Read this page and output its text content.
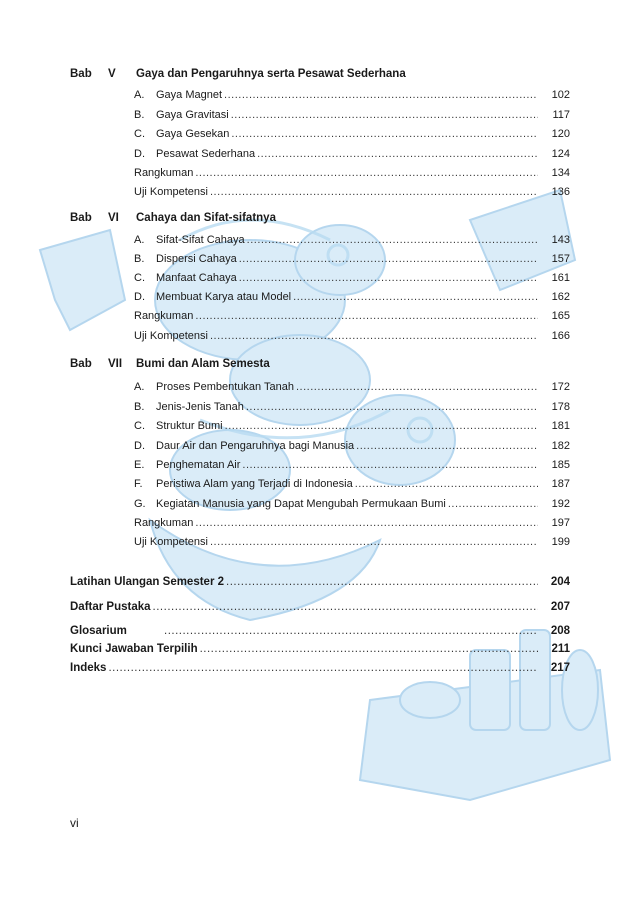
Bab V Gaya dan Pengaruhnya serta Pesawat Sederhana
A. Gaya Magnet .....	102
B. Gaya Gravitasi .....	117
C. Gaya Gesekan .....	120
D. Pesawat Sederhana .....	124
Rangkuman .....	134
Uji Kompetensi .....	136
Bab VI Cahaya dan Sifat-sifatnya
A. Sifat-Sifat Cahaya .....	143
B. Dispersi Cahaya .....	157
C. Manfaat Cahaya .....	161
D. Membuat Karya atau Model .....	162
Rangkuman .....	165
Uji Kompetensi .....	166
Bab VII Bumi dan Alam Semesta
A. Proses Pembentukan Tanah .....	172
B. Jenis-Jenis Tanah .....	178
C. Struktur Bumi .....	181
D. Daur Air dan Pengaruhnya bagi Manusia .....	182
E. Penghematan Air .....	185
F. Peristiwa Alam yang Terjadi di Indonesia .....	187
G. Kegiatan Manusia yang Dapat Mengubah Permukaan Bumi .....	192
Rangkuman .....	197
Uji Kompetensi .....	199
Latihan Ulangan Semester 2 .....	204
Daftar Pustaka .....	207
Glosarium .....	208
Kunci Jawaban Terpilih .....	211
Indeks .....	217
vi
